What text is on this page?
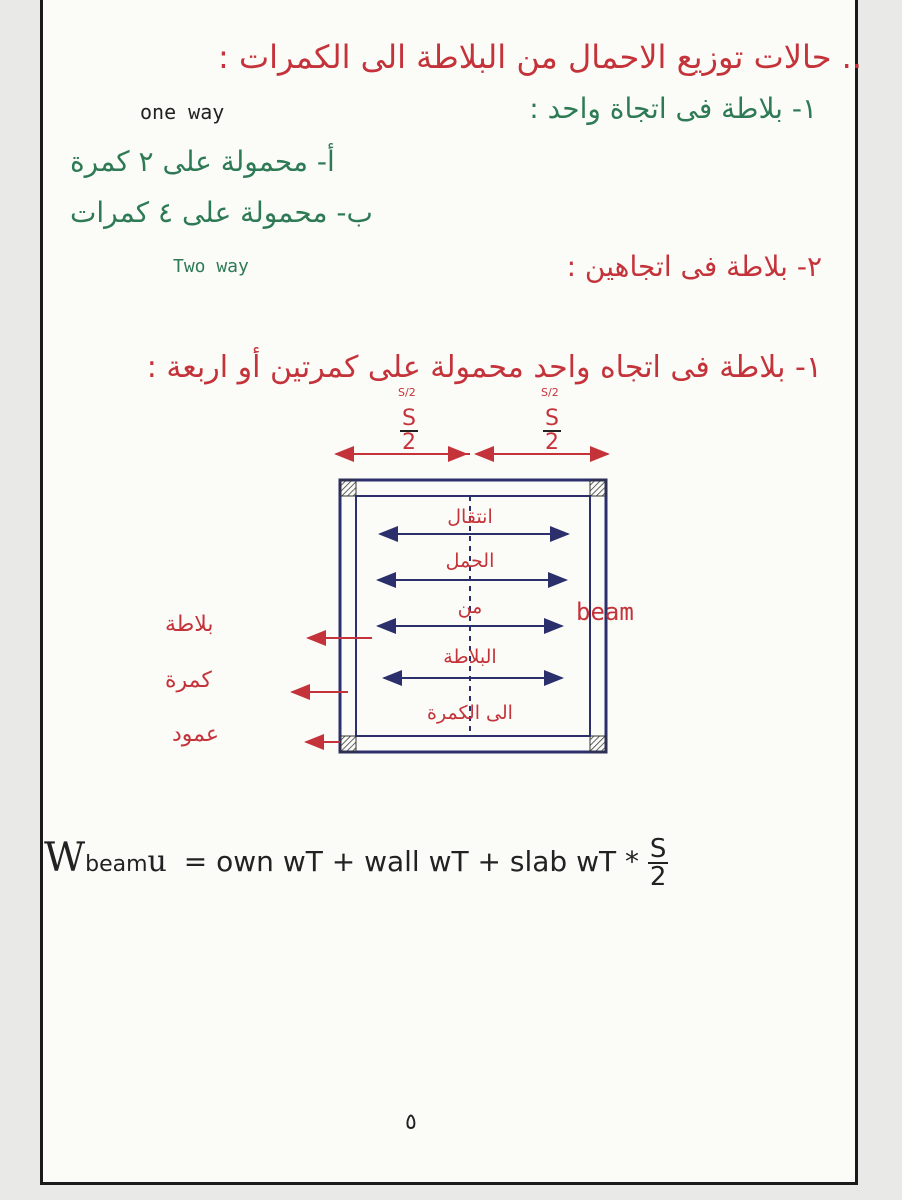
.. حالات توزيع الاحمال من البلاطة الى الكمرات :
١- بلاطة فى اتجاة واحد :
one way
أ- محمولة على ٢ كمرة
ب- محمولة على ٤ كمرات
٢- بلاطة فى اتجاهين :
Two way
١- بلاطة فى اتجاه واحد محمولة على كمرتين أو اربعة :
$\frac{S}{2}$	$\frac{S}{2}$
S/2	S/2
انتقال
الحمل
من
البلاطة
الى الكمرة
beam
بلاطة
كمرة
عمود
Wbeamu = own wT + wall wT + slab wT * $\frac{S}{2}$
٥
